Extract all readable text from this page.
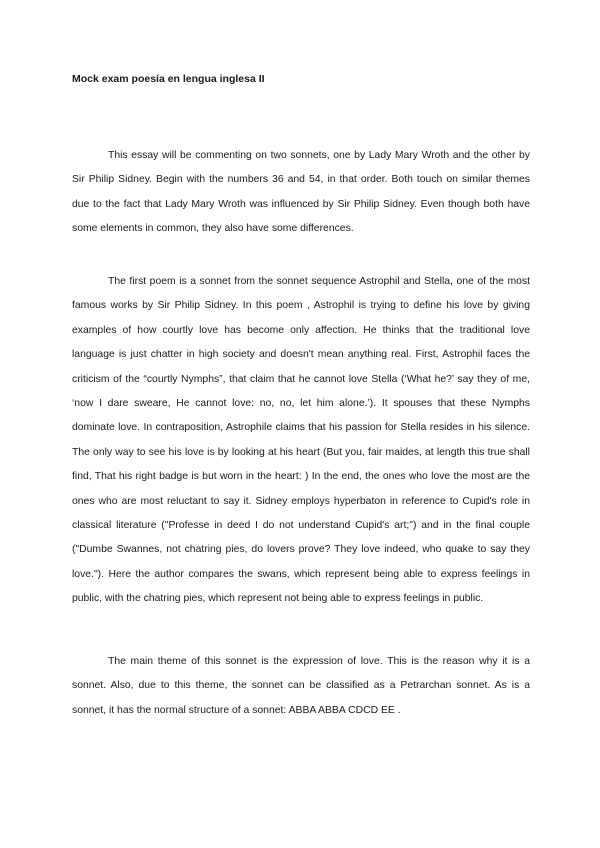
Mock exam poesía en lengua inglesa II

This essay will be commenting on two sonnets, one by Lady Mary Wroth and the other by Sir Philip Sidney. Begin with the numbers 36 and 54, in that order. Both touch on similar themes due to the fact that Lady Mary Wroth was influenced by Sir Philip Sidney. Even though both have some elements in common, they also have some differences.

The first poem is a sonnet from the sonnet sequence Astrophil and Stella, one of the most famous works by Sir Philip Sidney. In this poem , Astrophil is trying to define his love by giving examples of how courtly love has become only affection. He thinks that the traditional love language is just chatter in high society and doesn't mean anything real. First, Astrophil faces the criticism of the “courtly Nymphs”, that claim that he cannot love Stella (‘What he?’ say they of me, ‘now I dare sweare, He cannot love: no, no, let him alone.’). It spouses that these Nymphs dominate love. In contraposition, Astrophile claims that his passion for Stella resides in his silence. The only way to see his love is by looking at his heart (But you, fair maides, at length this true shall find, That his right badge is but worn in the heart: ) In the end, the ones who love the most are the ones who are most reluctant to say it. Sidney employs hyperbaton in reference to Cupid's role in classical literature ("Professe in deed I do not understand Cupid's art;") and in the final couple ("Dumbe Swannes, not chatring pies, do lovers prove? They love indeed, who quake to say they love."). Here the author compares the swans, which represent being able to express feelings in public, with the chatring pies, which represent not being able to express feelings in public.

The main theme of this sonnet is the expression of love. This is the reason why it is a sonnet. Also, due to this theme, the sonnet can be classified as a Petrarchan sonnet. As is a sonnet, it has the normal structure of a sonnet: ABBA ABBA CDCD EE .
